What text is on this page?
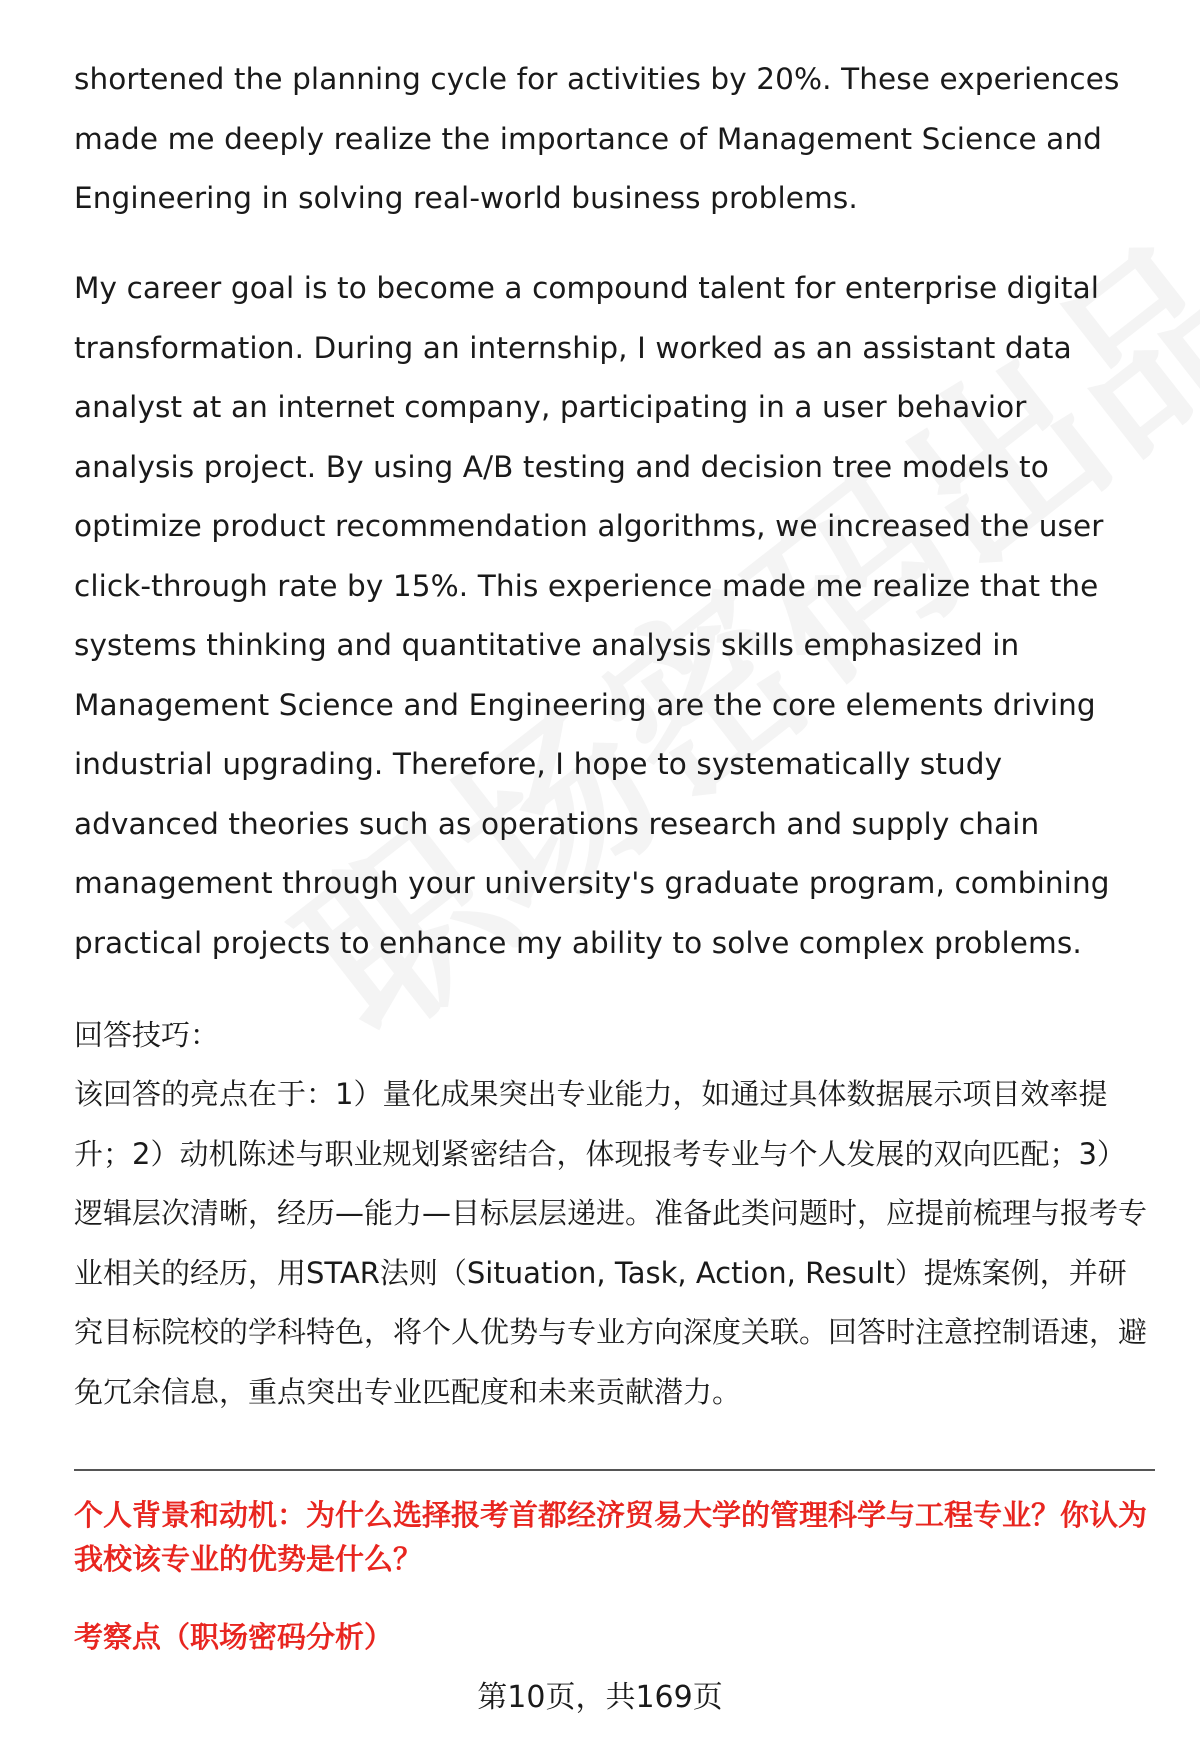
shortened the planning cycle for activities by 20%. These experiences made me deeply realize the importance of Management Science and Engineering in solving real-world business problems.

My career goal is to become a compound talent for enterprise digital transformation. During an internship, I worked as an assistant data analyst at an internet company, participating in a user behavior analysis project. By using A/B testing and decision tree models to optimize product recommendation algorithms, we increased the user click-through rate by 15%. This experience made me realize that the systems thinking and quantitative analysis skills emphasized in Management Science and Engineering are the core elements driving industrial upgrading. Therefore, I hope to systematically study advanced theories such as operations research and supply chain management through your university's graduate program, combining practical projects to enhance my ability to solve complex problems.

回答技巧：

该回答的亮点在于：1）量化成果突出专业能力，如通过具体数据展示项目效率提升；2）动机陈述与职业规划紧密结合，体现报考专业与个人发展的双向匹配；3）逻辑层次清晰，经历—能力—目标层层递进。准备此类问题时，应提前梳理与报考专业相关的经历，用STAR法则（Situation, Task, Action, Result）提炼案例，并研究目标院校的学科特色，将个人优势与专业方向深度关联。回答时注意控制语速，避免冗余信息，重点突出专业匹配度和未来贡献潜力。

个人背景和动机：为什么选择报考首都经济贸易大学的管理科学与工程专业？你认为我校该专业的优势是什么？

考察点（职场密码分析）

第10页，共169页
